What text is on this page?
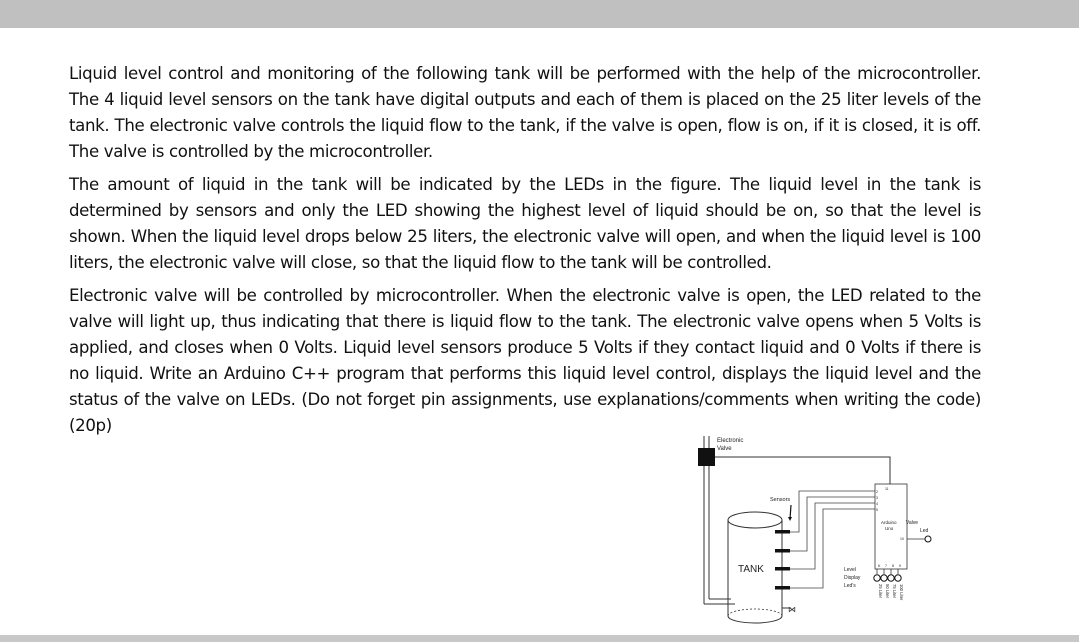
Liquid level control and monitoring of the following tank will be performed with the help of the microcontroller. The 4 liquid level sensors on the tank have digital outputs and each of them is placed on the 25 liter levels of the tank. The electronic valve controls the liquid flow to the tank, if the valve is open, flow is on, if it is closed, it is off. The valve is controlled by the microcontroller.

The amount of liquid in the tank will be indicated by the LEDs in the figure. The liquid level in the tank is determined by sensors and only the LED showing the highest level of liquid should be on, so that the level is shown. When the liquid level drops below 25 liters, the electronic valve will open, and when the liquid level is 100 liters, the electronic valve will close, so that the liquid flow to the tank will be controlled.

Electronic valve will be controlled by microcontroller. When the electronic valve is open, the LED related to the valve will light up, thus indicating that there is liquid flow to the tank. The electronic valve opens when 5 Volts is applied, and closes when 0 Volts. Liquid level sensors produce 5 Volts if they contact liquid and 0 Volts if there is no liquid. Write an Arduino C++ program that performs this liquid level control, displays the liquid level and the status of the valve on LEDs. (Do not forget pin assignments, use explanations/comments when writing the code) (20p)

Electronic
Valve
TANK
⋈
Sensors
11
2
3
4
5
Arduino
Uno
10
6 7 8 9
Valve
Led
Level
Display
Led's	25 Liter 50 Liter 75 Liter 100 Liter
